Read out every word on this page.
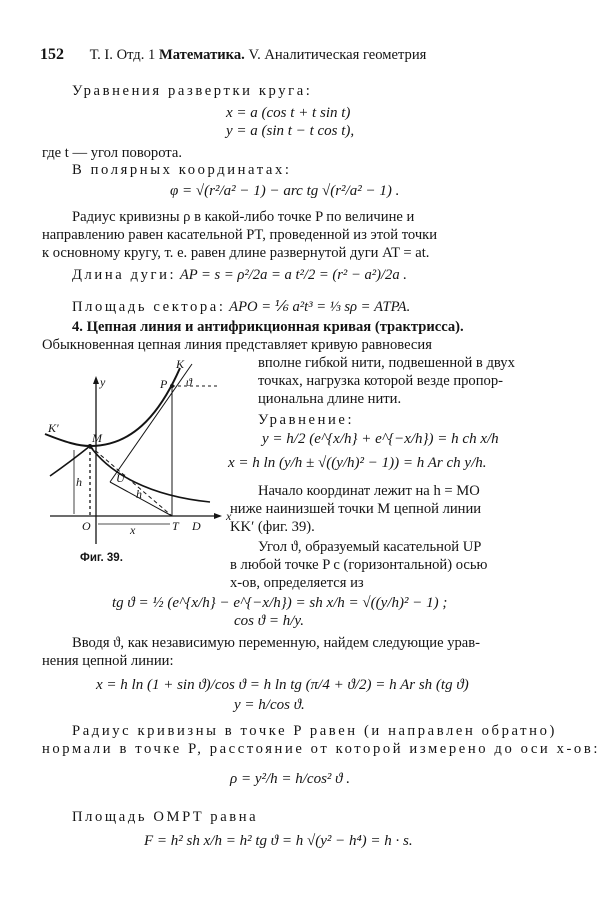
152 Т. I. Отд. 1 Математика. V. Аналитическая геометрия
Уравнения развертки круга:
x = a (cos t + t sin t)
y = a (sin t − t cos t),
где t — угол поворота.
В полярных координатах:
φ = √(r²/a² − 1) − arc tg √(r²/a² − 1) .
Радиус кривизны ρ в какой-либо точке P по величине и
направлению равен касательной PT, проведенной из этой точки
к основному кругу, т. е. равен длине развернутой дуги AT = at.
Длина дуги: AP = s = ρ²/2a = a t²/2 = (r² − a²)/2a .
Площадь сектора: APO = ⅙ a²t³ = ⅓ sρ = ATPA.
4. Цепная линия и антифрикционная кривая (трактрисса).
Обыкновенная цепная линия представляет кривую равновесия
вполне гибкой нити, подвешенной в двух
точках, нагрузка которой везде пропор-
циональна длине нити.
Уравнение:
y = h/2 (e^{x/h} + e^{−x/h}) = h ch x/h
x = h ln (y/h ± √((y/h)² − 1)) = h Ar ch y/h.
Начало координат лежит на h = MO
ниже наинизшей точки M цепной линии
KK′ (фиг. 39).
Угол ϑ, образуемый касательной UP
в любой точке P с (горизонтальной) осью
x-ов, определяется из
tg ϑ = ½ (e^{x/h} − e^{−x/h}) = sh x/h = √((y/h)² − 1) ;
cos ϑ = h/y.
Вводя ϑ, как независимую переменную, найдем следующие урав-
нения цепной линии:
x = h ln (1 + sin ϑ)/cos ϑ = h ln tg (π/4 + ϑ/2) = h Ar sh (tg ϑ)
y = h/cos ϑ.
Радиус кривизны в точке P равен (и направлен обратно)
нормали в точке P, расстояние от которой измерено до оси x-ов:
ρ = y²/h = h/cos² ϑ .
Площадь OMPT равна
F = h² sh x/h = h² tg ϑ = h √(y² − h⁴) = h · s.
y
x
K
K′
M
P ϑ
U
O	T D
h
h
x
Фиг. 39.
